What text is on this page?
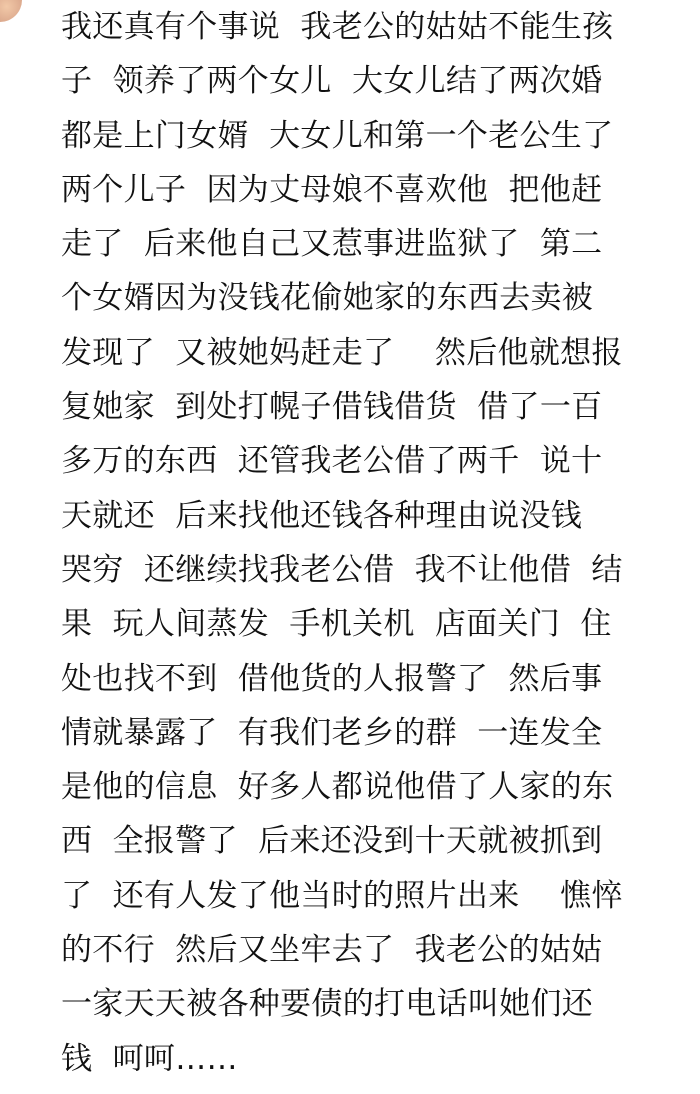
我还真有个事说  我老公的姑姑不能生孩
子  领养了两个女儿  大女儿结了两次婚
都是上门女婿  大女儿和第一个老公生了
两个儿子  因为丈母娘不喜欢他  把他赶
走了  后来他自己又惹事进监狱了  第二
个女婿因为没钱花偷她家的东西去卖被
发现了  又被她妈赶走了    然后他就想报
复她家  到处打幌子借钱借货  借了一百
多万的东西  还管我老公借了两千  说十
天就还  后来找他还钱各种理由说没钱
哭穷  还继续找我老公借  我不让他借  结
果  玩人间蒸发  手机关机  店面关门  住
处也找不到  借他货的人报警了  然后事
情就暴露了  有我们老乡的群  一连发全
是他的信息  好多人都说他借了人家的东
西  全报警了  后来还没到十天就被抓到
了  还有人发了他当时的照片出来    憔悴
的不行  然后又坐牢去了  我老公的姑姑
一家天天被各种要债的打电话叫她们还
钱  呵呵……
